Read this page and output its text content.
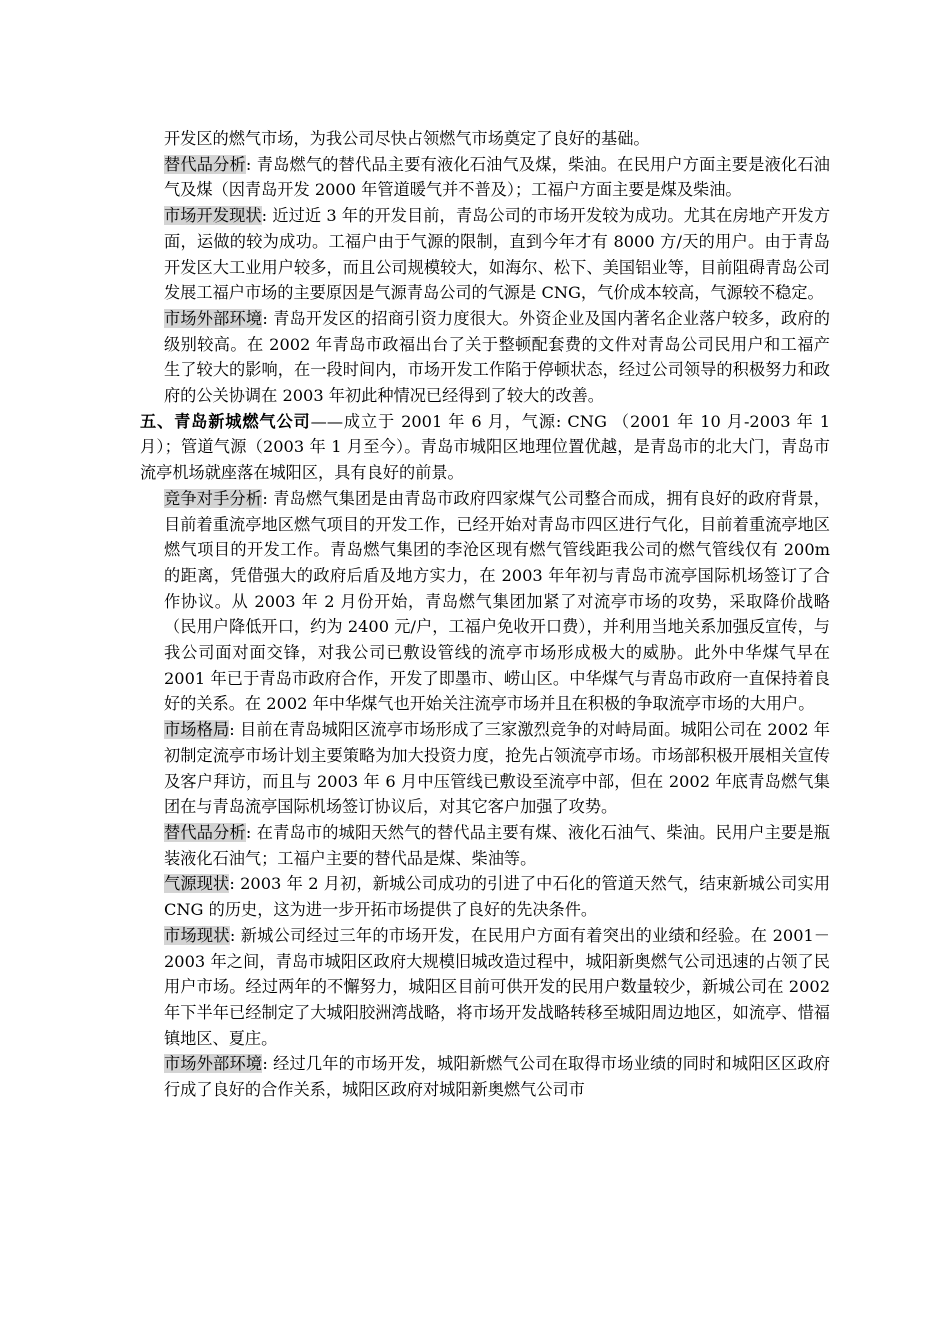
开发区的燃气市场，为我公司尽快占领燃气市场奠定了良好的基础。

替代品分析: 青岛燃气的替代品主要有液化石油气及煤，柴油。在民用户方面主要是液化石油气及煤（因青岛开发 2000 年管道暖气并不普及）；工福户方面主要是煤及柴油。

市场开发现状: 近过近 3 年的开发目前，青岛公司的市场开发较为成功。尤其在房地产开发方面，运做的较为成功。工福户由于气源的限制，直到今年才有 8000 方/天的用户。由于青岛开发区大工业用户较多，而且公司规模较大，如海尔、松下、美国铝业等，目前阻碍青岛公司发展工福户市场的主要原因是气源青岛公司的气源是 CNG，气价成本较高，气源较不稳定。

市场外部环境: 青岛开发区的招商引资力度很大。外资企业及国内著名企业落户较多，政府的级别较高。在 2002 年青岛市政福出台了关于整顿配套费的文件对青岛公司民用户和工福产生了较大的影响，在一段时间内，市场开发工作陷于停顿状态，经过公司领导的积极努力和政府的公关协调在 2003 年初此种情况已经得到了较大的改善。

五、青岛新城燃气公司——成立于 2001 年 6 月，气源: CNG （2001 年 10 月-2003 年 1 月）；管道气源（2003 年 1 月至今）。青岛市城阳区地理位置优越，是青岛市的北大门，青岛市流亭机场就座落在城阳区，具有良好的前景。

竞争对手分析: 青岛燃气集团是由青岛市政府四家煤气公司整合而成，拥有良好的政府背景，目前着重流亭地区燃气项目的开发工作，已经开始对青岛市四区进行气化，目前着重流亭地区燃气项目的开发工作。青岛燃气集团的李沧区现有燃气管线距我公司的燃气管线仅有 200m 的距离，凭借强大的政府后盾及地方实力，在 2003 年年初与青岛市流亭国际机场签订了合作协议。从 2003 年 2 月份开始，青岛燃气集团加紧了对流亭市场的攻势，采取降价战略（民用户降低开口，约为 2400 元/户，工福户免收开口费），并利用当地关系加强反宣传，与我公司面对面交锋，对我公司已敷设管线的流亭市场形成极大的威胁。此外中华煤气早在 2001 年已于青岛市政府合作，开发了即墨市、崂山区。中华煤气与青岛市政府一直保持着良好的关系。在 2002 年中华煤气也开始关注流亭市场并且在积极的争取流亭市场的大用户。

市场格局: 目前在青岛城阳区流亭市场形成了三家激烈竞争的对峙局面。城阳公司在 2002 年初制定流亭市场计划主要策略为加大投资力度，抢先占领流亭市场。市场部积极开展相关宣传及客户拜访，而且与 2003 年 6 月中压管线已敷设至流亭中部，但在 2002 年底青岛燃气集团在与青岛流亭国际机场签订协议后，对其它客户加强了攻势。

替代品分析: 在青岛市的城阳天然气的替代品主要有煤、液化石油气、柴油。民用户主要是瓶装液化石油气；工福户主要的替代品是煤、柴油等。

气源现状: 2003 年 2 月初，新城公司成功的引进了中石化的管道天然气，结束新城公司实用 CNG 的历史，这为进一步开拓市场提供了良好的先决条件。

市场现状: 新城公司经过三年的市场开发，在民用户方面有着突出的业绩和经验。在 2001－2003 年之间，青岛市城阳区政府大规模旧城改造过程中，城阳新奥燃气公司迅速的占领了民用户市场。经过两年的不懈努力，城阳区目前可供开发的民用户数量较少，新城公司在 2002 年下半年已经制定了大城阳胶洲湾战略，将市场开发战略转移至城阳周边地区，如流亭、惜福镇地区、夏庄。

市场外部环境: 经过几年的市场开发，城阳新燃气公司在取得市场业绩的同时和城阳区区政府行成了良好的合作关系，城阳区政府对城阳新奥燃气公司市
